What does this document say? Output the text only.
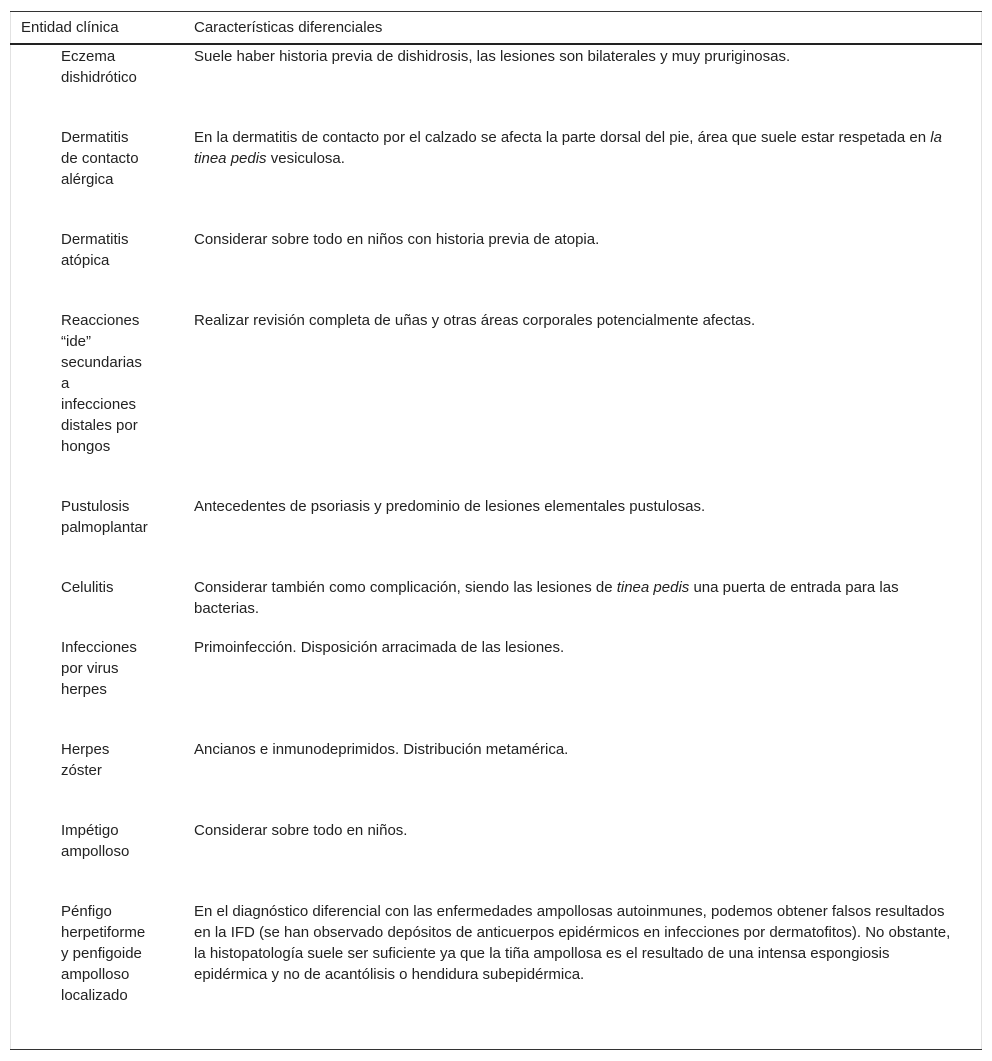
Entidad clínica	Características diferenciales
Eczema
dishidrótico
Suele haber historia previa de dishidrosis, las lesiones son bilaterales y muy pruriginosas.
Dermatitis
de contacto
alérgica
En la dermatitis de contacto por el calzado se afecta la parte dorsal del pie, área que suele estar respetada en la tinea pedis vesiculosa.
Dermatitis
atópica
Considerar sobre todo en niños con historia previa de atopia.
Reacciones
“ide”
secundarias
a
infecciones
distales por
hongos
Realizar revisión completa de uñas y otras áreas corporales potencialmente afectas.
Pustulosis
palmoplantar
Antecedentes de psoriasis y predominio de lesiones elementales pustulosas.
Celulitis	Considerar también como complicación, siendo las lesiones de tinea pedis una puerta de entrada para las bacterias.
Infecciones
por virus
herpes
Primoinfección. Disposición arracimada de las lesiones.
Herpes
zóster
Ancianos e inmunodeprimidos. Distribución metamérica.
Impétigo
ampolloso
Considerar sobre todo en niños.
Pénfigo
herpetiforme
y penfigoide
ampolloso
localizado
En el diagnóstico diferencial con las enfermedades ampollosas autoinmunes, podemos obtener falsos resultados en la IFD (se han observado depósitos de anticuerpos epidérmicos en infecciones por dermatofitos). No obstante, la histopatología suele ser suficiente ya que la tiña ampollosa es el resultado de una intensa espongiosis epidérmica y no de acantólisis o hendidura subepidérmica.
